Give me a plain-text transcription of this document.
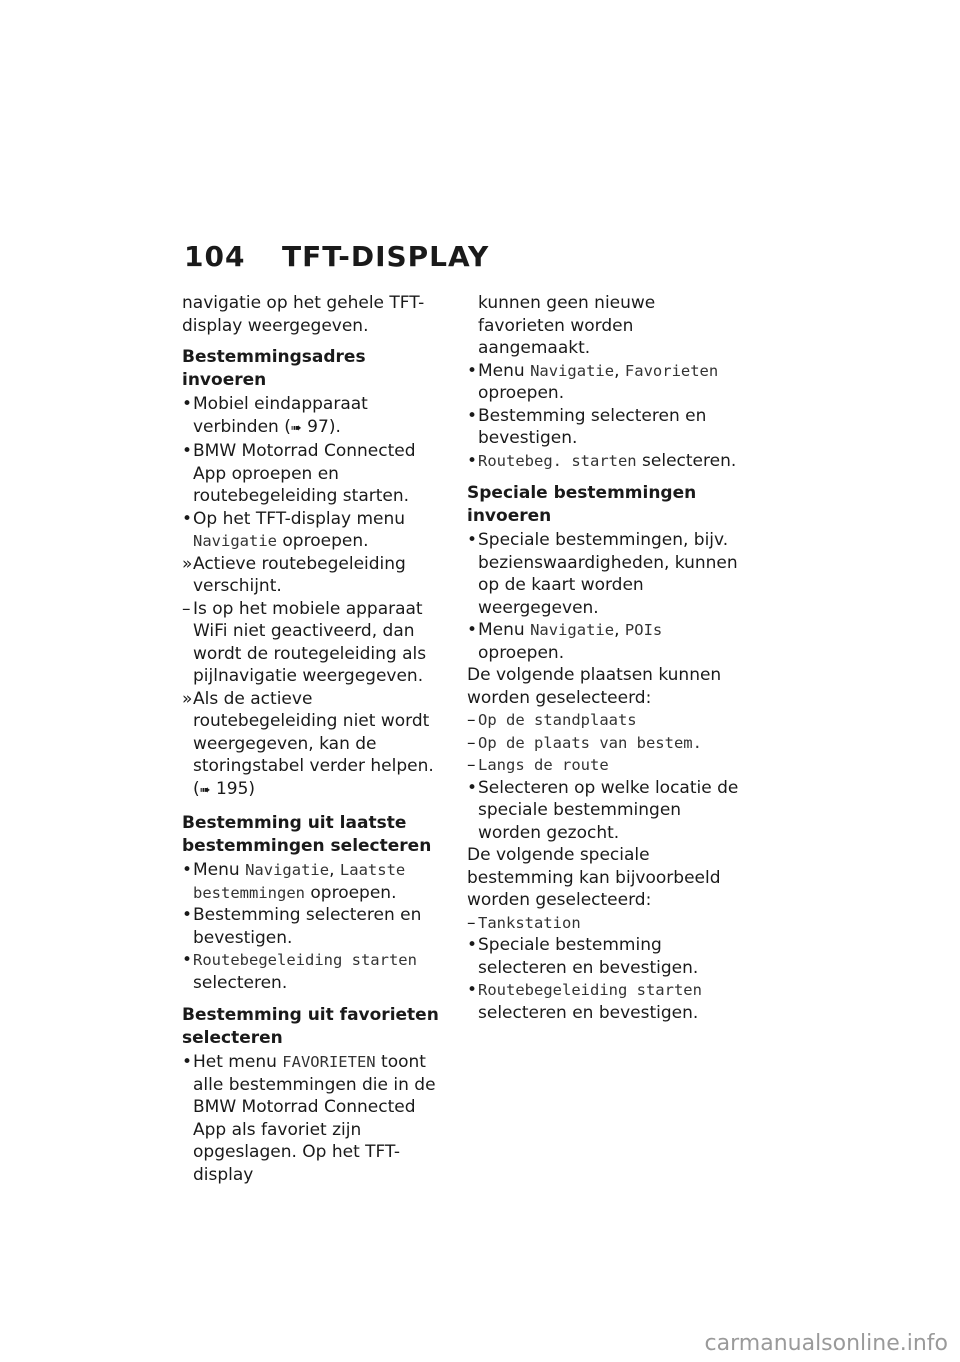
104 TFT-DISPLAY

navigatie op het gehele TFT-display weergegeven.

Bestemmingsadres invoeren
• Mobiel eindapparaat verbinden (➠ 97).
• BMW Motorrad Connected App oproepen en routebegeleiding starten.
• Op het TFT-display menu Navigatie oproepen.
» Actieve routebegeleiding verschijnt.
– Is op het mobiele apparaat WiFi niet geactiveerd, dan wordt de routegeleiding als pijlnavigatie weergegeven.
» Als de actieve routebegeleiding niet wordt weergegeven, kan de storingstabel verder helpen. (➠ 195)
Bestemming uit laatste bestemmingen selecteren
• Menu Navigatie, Laatste bestemmingen oproepen.
• Bestemming selecteren en bevestigen.
• Routebegeleiding starten selecteren.
Bestemming uit favorieten selecteren
• Het menu FAVORIETEN toont alle bestemmingen die in de BMW Motorrad Connected App als favoriet zijn opgeslagen. Op het TFT-display
kunnen geen nieuwe favorieten worden aangemaakt.
• Menu Navigatie, Favorieten oproepen.
• Bestemming selecteren en bevestigen.
• Routebeg. starten selecteren.
Speciale bestemmingen invoeren
• Speciale bestemmingen, bijv. bezienswaardigheden, kunnen op de kaart worden weergegeven.
• Menu Navigatie, POIs oproepen.
De volgende plaatsen kunnen worden geselecteerd:
– Op de standplaats
– Op de plaats van bestem.
– Langs de route
• Selecteren op welke locatie de speciale bestemmingen worden gezocht.
De volgende speciale bestemming kan bijvoorbeeld worden geselecteerd:
– Tankstation
• Speciale bestemming selecteren en bevestigen.
• Routebegeleiding starten selecteren en bevestigen.
carmanualsonline.info
